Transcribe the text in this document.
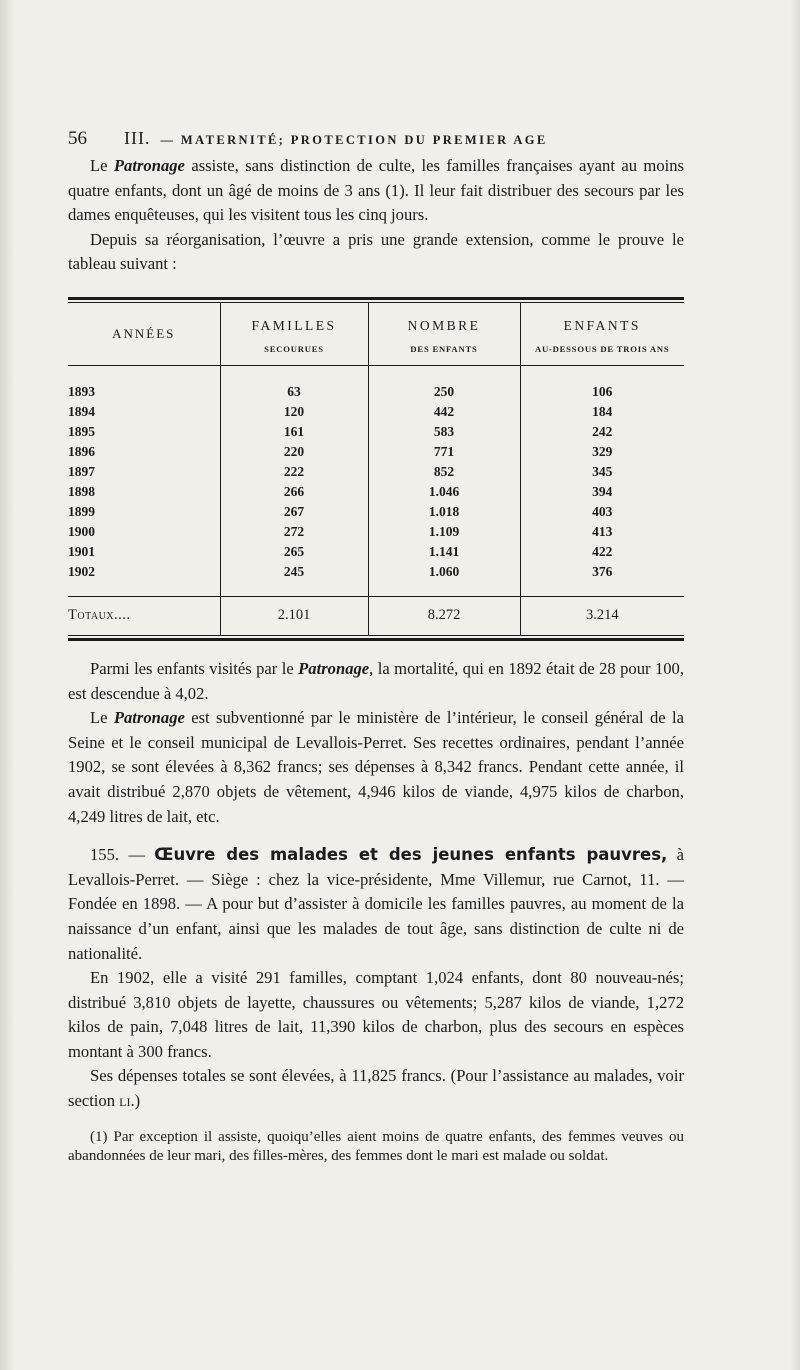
56	III. — MATERNITÉ; PROTECTION DU PREMIER AGE

Le Patronage assiste, sans distinction de culte, les familles françaises ayant au moins quatre enfants, dont un âgé de moins de 3 ans (1). Il leur fait distribuer des secours par les dames enquêteuses, qui les visitent tous les cinq jours.

Depuis sa réorganisation, l’œuvre a pris une grande extension, comme le prouve le tableau suivant :

ANNÉES	FAMILLES	NOMBRE	ENFANTS
	SECOURUES	DES ENFANTS	AU-DESSOUS DE TROIS ANS
1893	63	250	106
1894	120	442	184
1895	161	583	242
1896	220	771	329
1897	222	852	345
1898	266	1.046	394
1899	267	1.018	403
1900	272	1.109	413
1901	265	1.141	422
1902	245	1.060	376
Totaux....	2.101	8.272	3.214

Parmi les enfants visités par le Patronage, la mortalité, qui en 1892 était de 28 pour 100, est descendue à 4,02.

Le Patronage est subventionné par le ministère de l’intérieur, le conseil général de la Seine et le conseil municipal de Levallois-Perret. Ses recettes ordinaires, pendant l’année 1902, se sont élevées à 8,362 francs; ses dépenses à 8,342 francs. Pendant cette année, il avait distribué 2,870 objets de vêtement, 4,946 kilos de viande, 4,975 kilos de charbon, 4,249 litres de lait, etc.

155. — Œuvre des malades et des jeunes enfants pauvres, à Levallois-Perret. — Siège : chez la vice-présidente, Mme Villemur, rue Carnot, 11. — Fondée en 1898. — A pour but d’assister à domicile les familles pauvres, au moment de la naissance d’un enfant, ainsi que les malades de tout âge, sans distinction de culte ni de nationalité.

En 1902, elle a visité 291 familles, comptant 1,024 enfants, dont 80 nouveau-nés; distribué 3,810 objets de layette, chaussures ou vêtements; 5,287 kilos de viande, 1,272 kilos de pain, 7,048 litres de lait, 11,390 kilos de charbon, plus des secours en espèces montant à 300 francs.

Ses dépenses totales se sont élevées, à 11,825 francs. (Pour l’assistance au malades, voir section li.)

(1) Par exception il assiste, quoiqu’elles aient moins de quatre enfants, des femmes veuves ou abandonnées de leur mari, des filles-mères, des femmes dont le mari est malade ou soldat.
